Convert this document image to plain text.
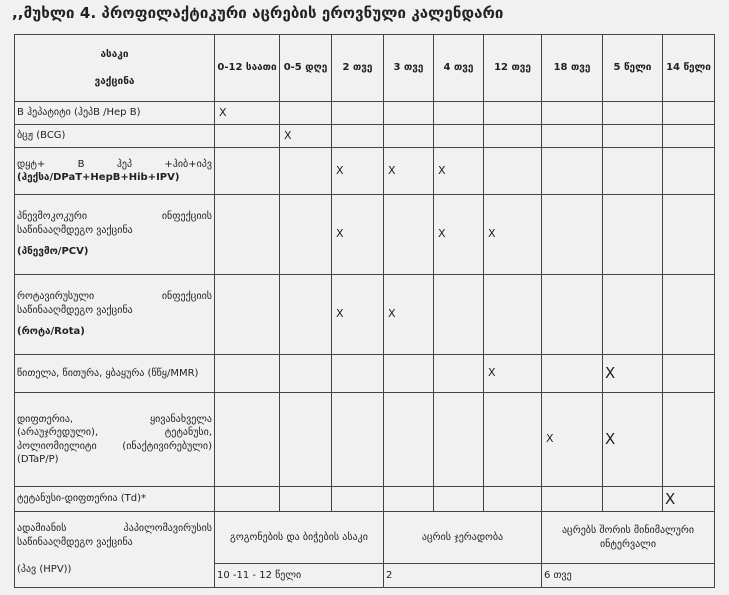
,,მუხლი 4. პროფილაქტიკური აცრების ეროვნული კალენდარი
ასაკი
ვაქცინა	0-12 საათი	0-5 დღე	2 თვე	3 თვე	4 თვე	12 თვე	18 თვე	5 წელი	14 წელი
B ჰეპატიტი (ჰეპB /Hep B)	X								
ბცჟ (BCG)		X							

დყტ+ B ჰეპ +ჰიბ+იპვ
(ჰექსა/DPaT+HepB+Hib+IPV)			X	X	X				

პნევმოკოკური ინფექციის
საწინააღმდეგო ვაქცინა
(პნევმო/PCV)			X		X	X			

როტავირუსული ინფექციის
საწინააღმდეგო ვაქცინა
(როტა/Rota)			X	X					
წითელა, წითურა, ყბაყურა (წწყ/MMR)						X		X	

დიფთერია, ყივანახველა
(არაუჯრედული), ტეტანუსი,
პოლიომიელიტი (ინაქტივირებული)
(DTaP/P)							X	X	
ტეტანუსი-დიფთერია (Td)*									X

ადამიანის პაპილომავირუსის
საწინააღმდეგო ვაქცინა
(პავ (HPV))	გოგონების და ბიჭების ასაკი			აცრის ჯერადობა			აცრებს შორის მინიმალური ინტერვალი		
	10 -11 - 12 წელი			2			6 თვე		
